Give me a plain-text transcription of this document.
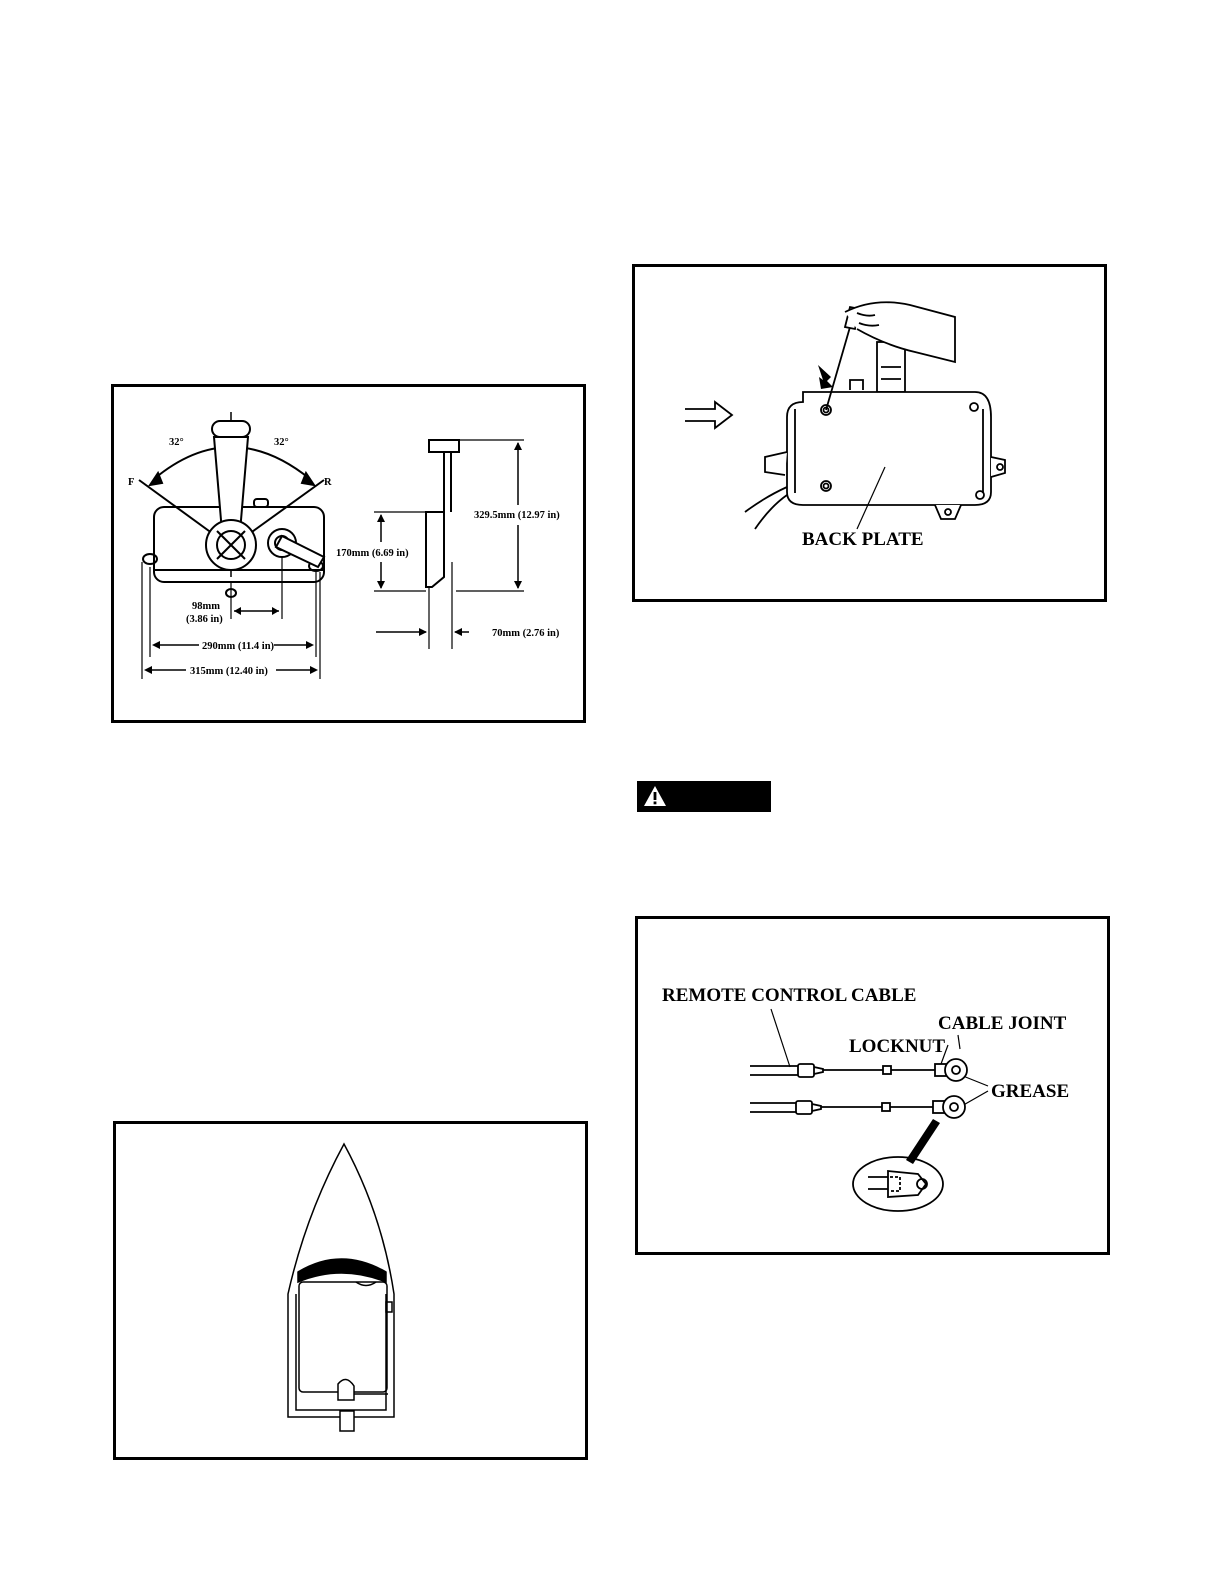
32°	32°
F	R
98mm
(3.86 in)
290mm (11.4 in)
315mm (12.40 in)
170mm (6.69 in)
329.5mm (12.97 in)
70mm (2.76 in)
BACK PLATE
REMOTE CONTROL CABLE
CABLE JOINT
LOCKNUT
GREASE
